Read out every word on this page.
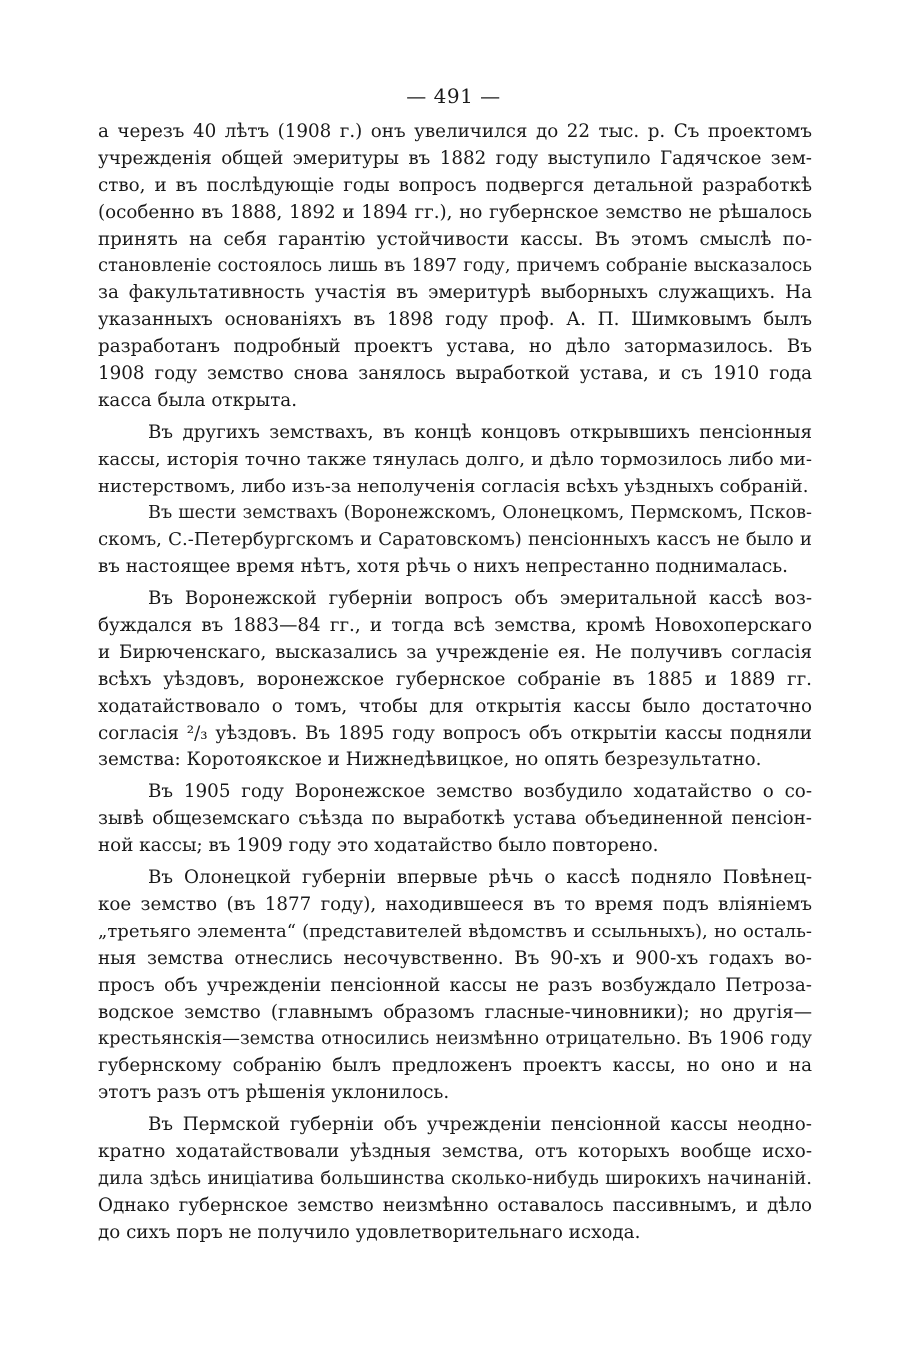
— 491 —
а черезъ 40 лѣтъ (1908 г.) онъ увеличился до 22 тыс. р. Съ проектомъ
учрежденія общей эмеритуры въ 1882 году выступило Гадячское зем-
ство, и въ послѣдующіе годы вопросъ подвергся детальной разработкѣ
(особенно въ 1888, 1892 и 1894 гг.), но губернское земство не рѣшалось
принять на себя гарантію устойчивости кассы. Въ этомъ смыслѣ по-
становленіе состоялось лишь въ 1897 году, причемъ собраніе высказалось
за факультативность участія въ эмеритурѣ выборныхъ служащихъ. На
указанныхъ основаніяхъ въ 1898 году проф. А. П. Шимковымъ былъ
разработанъ подробный проектъ устава, но дѣло затормазилось. Въ
1908 году земство снова занялось выработкой устава, и съ 1910 года
касса была открыта.
Въ другихъ земствахъ, въ концѣ концовъ открывшихъ пенсіонныя
кассы, исторія точно также тянулась долго, и дѣло тормозилось либо ми-
нистерствомъ, либо изъ-за неполученія согласія всѣхъ уѣздныхъ собраній.
Въ шести земствахъ (Воронежскомъ, Олонецкомъ, Пермскомъ, Псков-
скомъ, С.-Петербургскомъ и Саратовскомъ) пенсіонныхъ кассъ не было и
въ настоящее время нѣтъ, хотя рѣчь о нихъ непрестанно поднималась.
Въ Воронежской губерніи вопросъ объ эмеритальной кассѣ воз-
буждался въ 1883—84 гг., и тогда всѣ земства, кромѣ Новохоперскаго
и Бирюченскаго, высказались за учрежденіе ея. Не получивъ согласія
всѣхъ уѣздовъ, воронежское губернское собраніе въ 1885 и 1889 гг.
ходатайствовало о томъ, чтобы для открытія кассы было достаточно
согласія ²/₃ уѣздовъ. Въ 1895 году вопросъ объ открытіи кассы подняли
земства: Коротоякское и Нижнедѣвицкое, но опять безрезультатно.
Въ 1905 году Воронежское земство возбудило ходатайство о со-
зывѣ общеземскаго съѣзда по выработкѣ устава объединенной пенсіон-
ной кассы; въ 1909 году это ходатайство было повторено.
Въ Олонецкой губерніи впервые рѣчь о кассѣ подняло Повѣнец-
кое земство (въ 1877 году), находившееся въ то время подъ вліяніемъ
„третьяго элемента“ (представителей вѣдомствъ и ссыльныхъ), но осталь-
ныя земства отнеслись несочувственно. Въ 90-хъ и 900-хъ годахъ во-
просъ объ учрежденіи пенсіонной кассы не разъ возбуждало Петроза-
водское земство (главнымъ образомъ гласные-чиновники); но другія—
крестьянскія—земства относились неизмѣнно отрицательно. Въ 1906 году
губернскому собранію былъ предложенъ проектъ кассы, но оно и на
этотъ разъ отъ рѣшенія уклонилось.
Въ Пермской губерніи объ учрежденіи пенсіонной кассы неодно-
кратно ходатайствовали уѣздныя земства, отъ которыхъ вообще исхо-
дила здѣсь иниціатива большинства сколько-нибудь широкихъ начинаній.
Однако губернское земство неизмѣнно оставалось пассивнымъ, и дѣло
до сихъ поръ не получило удовлетворительнаго исхода.
